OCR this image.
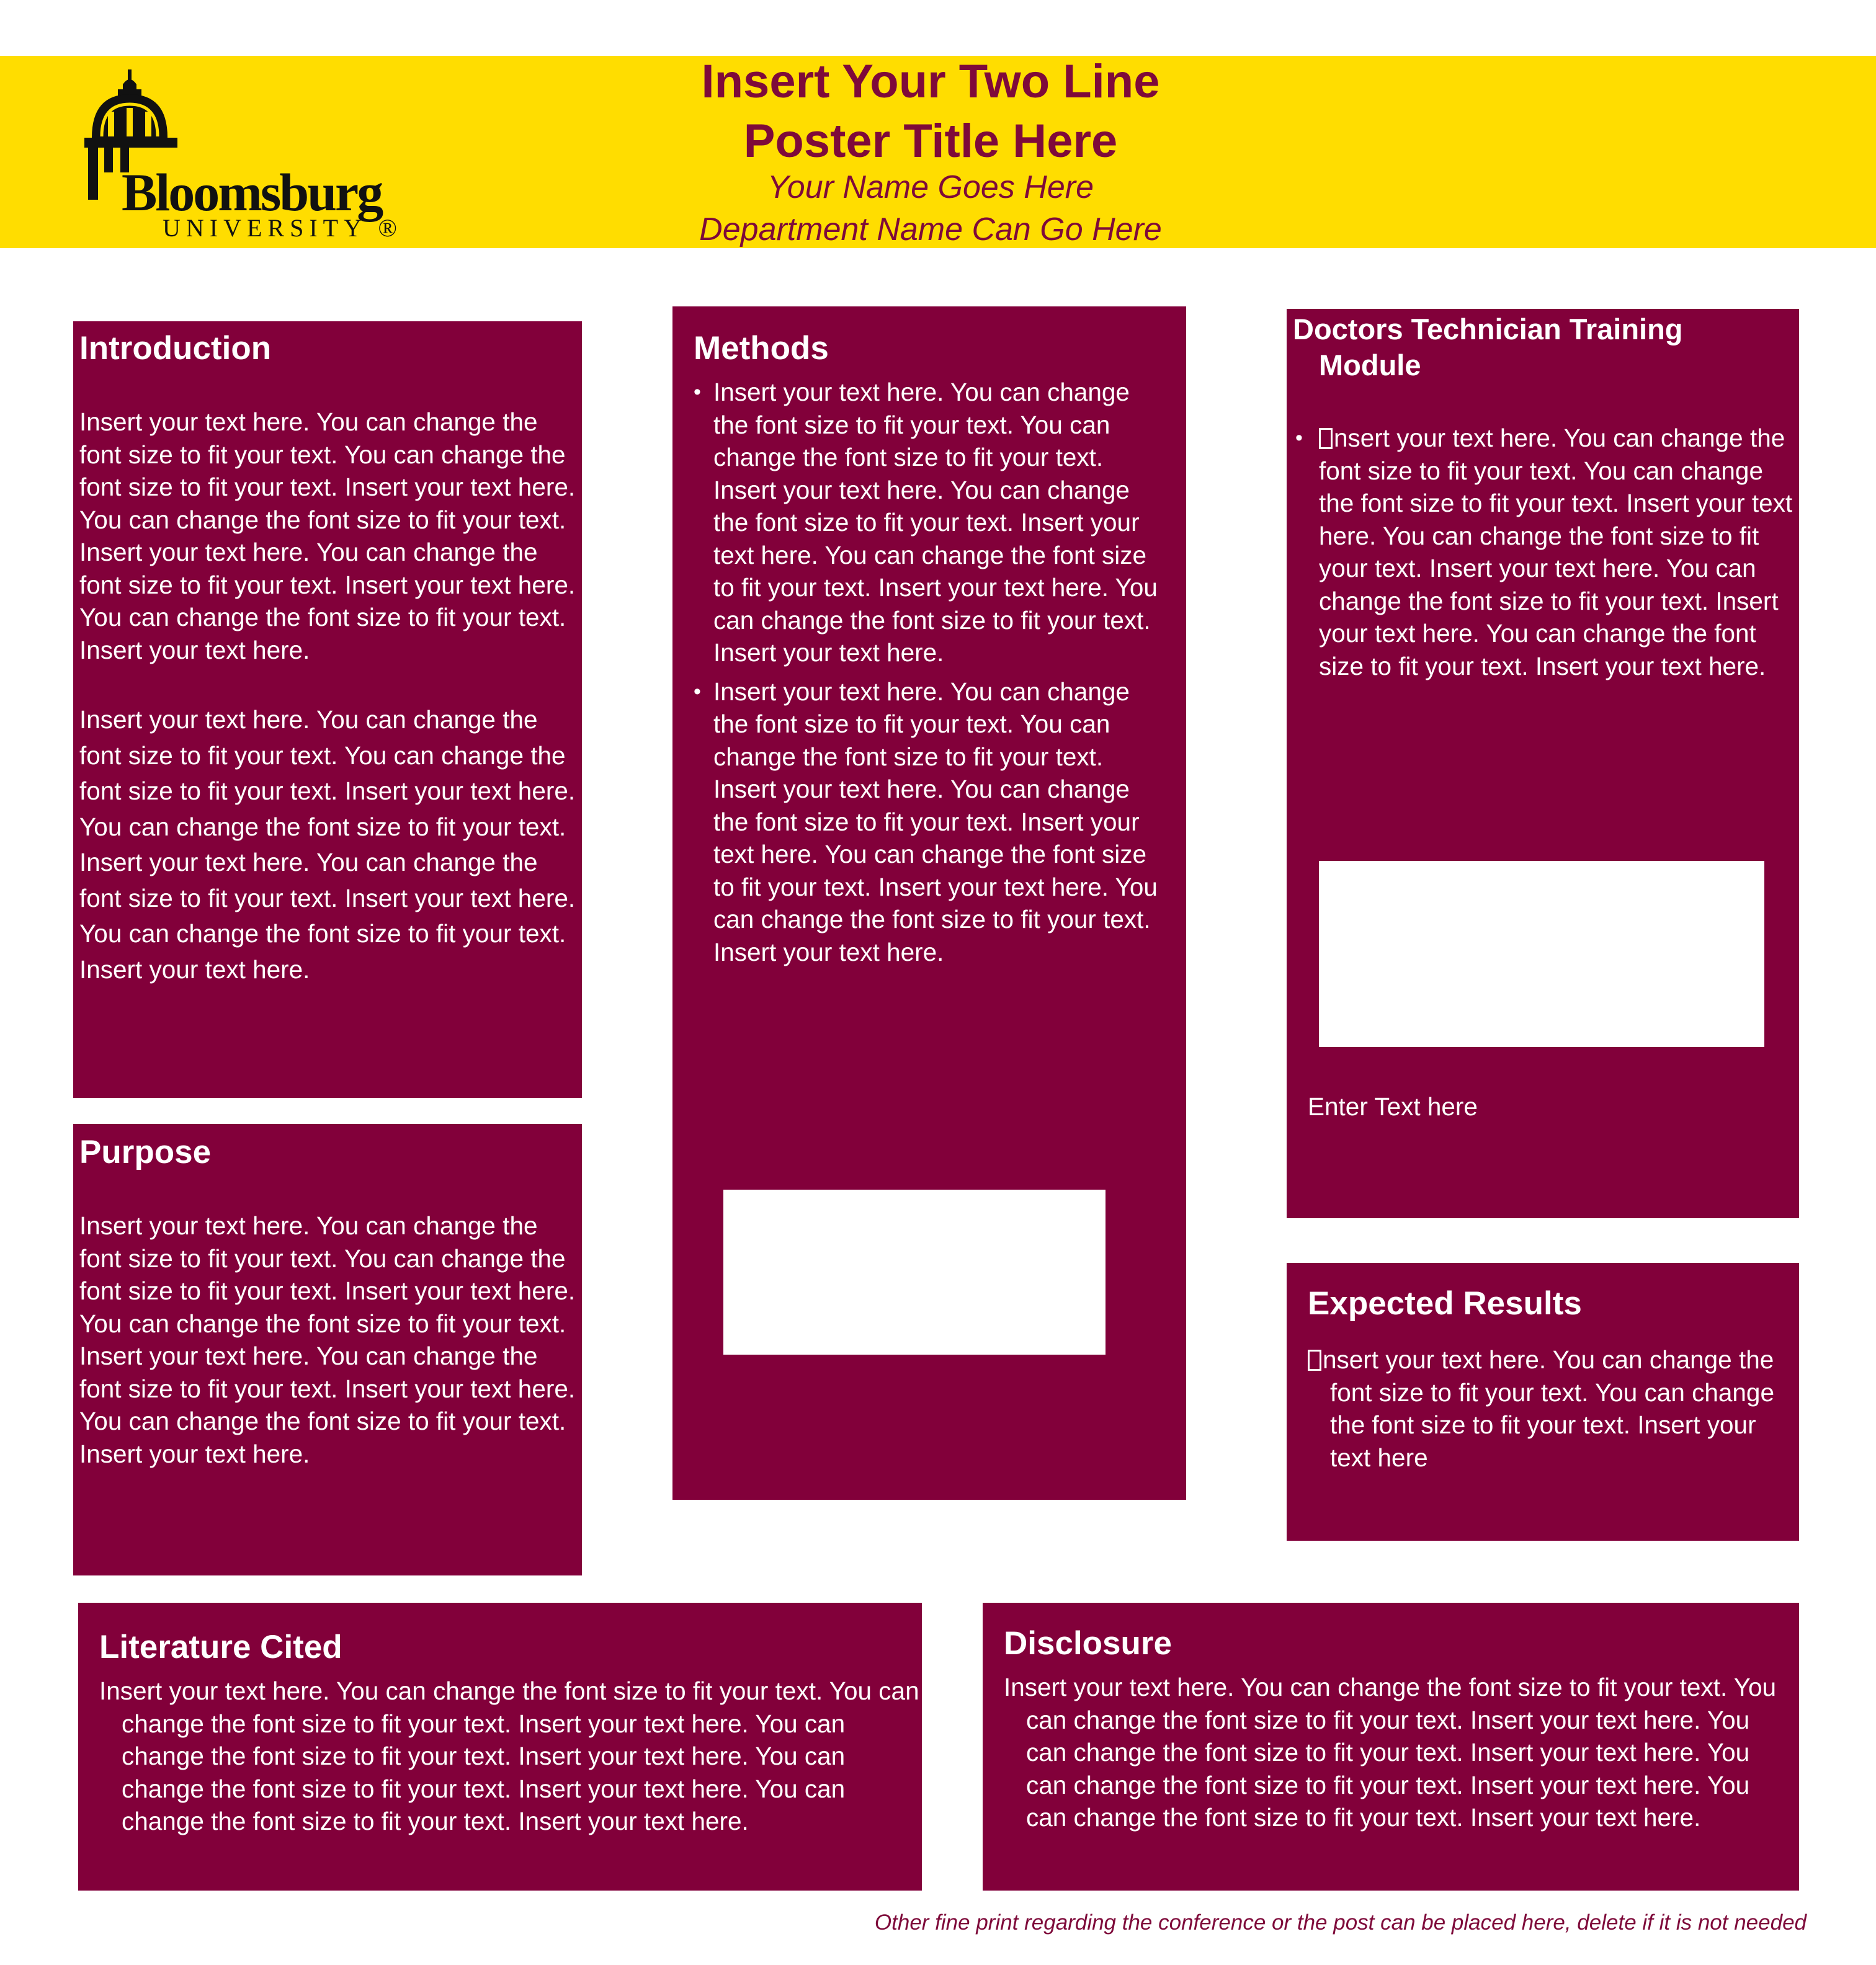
Bloomsburg
UNIVERSITY ®
Insert Your Two Line
Poster Title Here
Your Name Goes Here
Department Name Can Go Here
Introduction

Insert your text here. You can change the font size to fit your text. You can change the font size to fit your text. Insert your text here. You can change the font size to fit your text. Insert your text here. You can change the font size to fit your text. Insert your text here. You can change the font size to fit your text. Insert your text here.

Insert your text here. You can change the font size to fit your text. You can change the font size to fit your text. Insert your text here. You can change the font size to fit your text. Insert your text here. You can change the font size to fit your text. Insert your text here. You can change the font size to fit your text. Insert your text here.

Purpose
Insert your text here. You can change the font size to fit your text. You can change the font size to fit your text. Insert your text here. You can change the font size to fit your text. Insert your text here. You can change the font size to fit your text. Insert your text here. You can change the font size to fit your text. Insert your text here.
Methods
• Insert your text here. You can change the font size to fit your text. You can change the font size to fit your text. Insert your text here. You can change the font size to fit your text. Insert your text here. You can change the font size to fit your text. Insert your text here. You can change the font size to fit your text. Insert your text here.
• Insert your text here. You can change the font size to fit your text. You can change the font size to fit your text. Insert your text here. You can change the font size to fit your text. Insert your text here. You can change the font size to fit your text. Insert your text here. You can change the font size to fit your text. Insert your text here.
Doctors Technician Training Module
• nsert your text here. You can change the font size to fit your text. You can change the font size to fit your text. Insert your text here. You can change the font size to fit your text. Insert your text here. You can change the font size to fit your text. Insert your text here. You can change the font size to fit your text. Insert your text here.
Enter Text here
Expected Results
nsert your text here. You can change the font size to fit your text. You can change the font size to fit your text. Insert your text here
Literature Cited
Insert your text here. You can change the font size to fit your text. You can change the font size to fit your text. Insert your text here. You can change the font size to fit your text. Insert your text here. You can change the font size to fit your text. Insert your text here. You can change the font size to fit your text. Insert your text here.
Disclosure
Insert your text here. You can change the font size to fit your text. You can change the font size to fit your text. Insert your text here. You can change the font size to fit your text. Insert your text here. You can change the font size to fit your text. Insert your text here. You can change the font size to fit your text. Insert your text here.
Other fine print regarding the conference or the post can be placed here, delete if it is not needed
